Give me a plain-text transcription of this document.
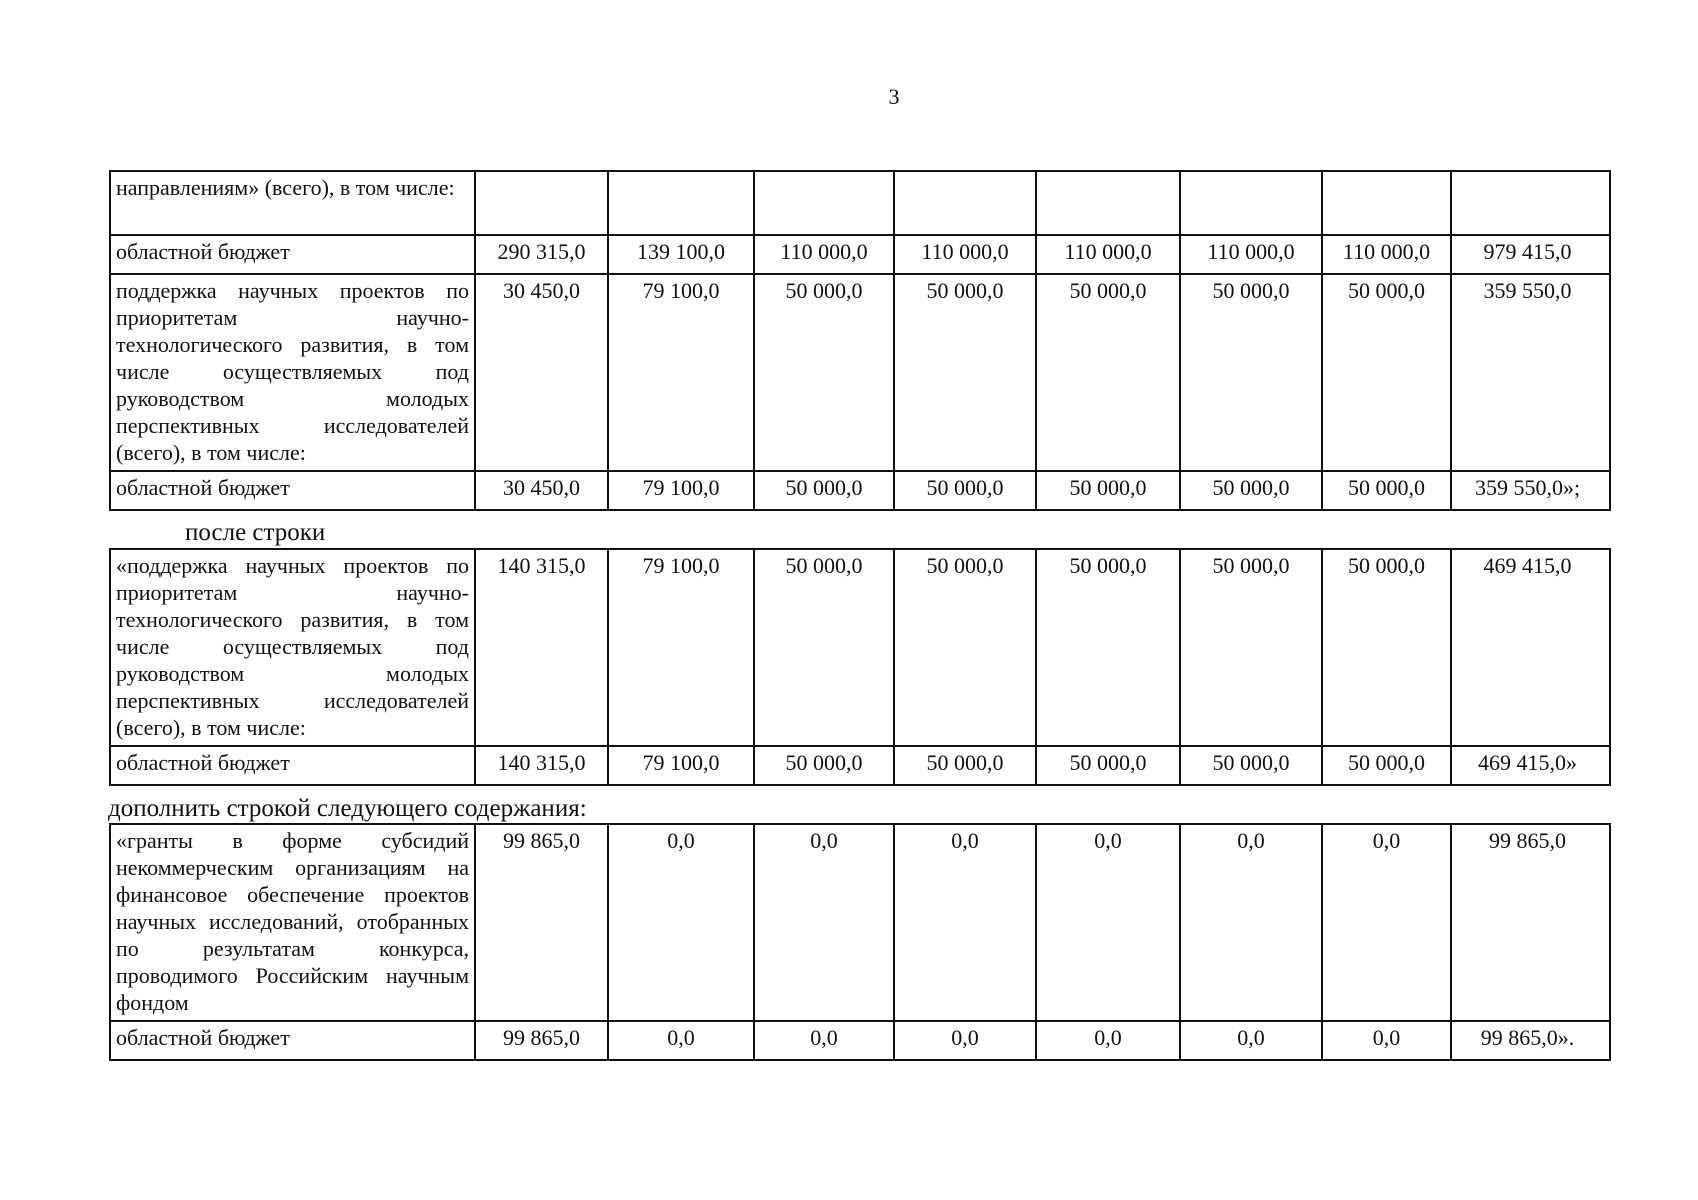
3
направлениям» (всего), в том числе:								
областной бюджет	290 315,0	139 100,0	110 000,0	110 000,0	110 000,0	110 000,0	110 000,0	979 415,0
поддержка научных проектов по приоритетам научно-технологического развития, в том числе осуществляемых под руководством молодых перспективных исследователей (всего), в том числе:	30 450,0	79 100,0	50 000,0	50 000,0	50 000,0	50 000,0	50 000,0	359 550,0
областной бюджет	30 450,0	79 100,0	50 000,0	50 000,0	50 000,0	50 000,0	50 000,0	359 550,0»;
после строки
«поддержка научных проектов по приоритетам научно-технологического развития, в том числе осуществляемых под руководством молодых перспективных исследователей (всего), в том числе:	140 315,0	79 100,0	50 000,0	50 000,0	50 000,0	50 000,0	50 000,0	469 415,0
областной бюджет	140 315,0	79 100,0	50 000,0	50 000,0	50 000,0	50 000,0	50 000,0	469 415,0»
дополнить строкой следующего содержания:
«гранты в форме субсидий некоммерческим организациям на финансовое обеспечение проектов научных исследований, отобранных по результатам конкурса, проводимого Российским научным фондом	99 865,0	0,0	0,0	0,0	0,0	0,0	0,0	99 865,0
областной бюджет	99 865,0	0,0	0,0	0,0	0,0	0,0	0,0	99 865,0».
